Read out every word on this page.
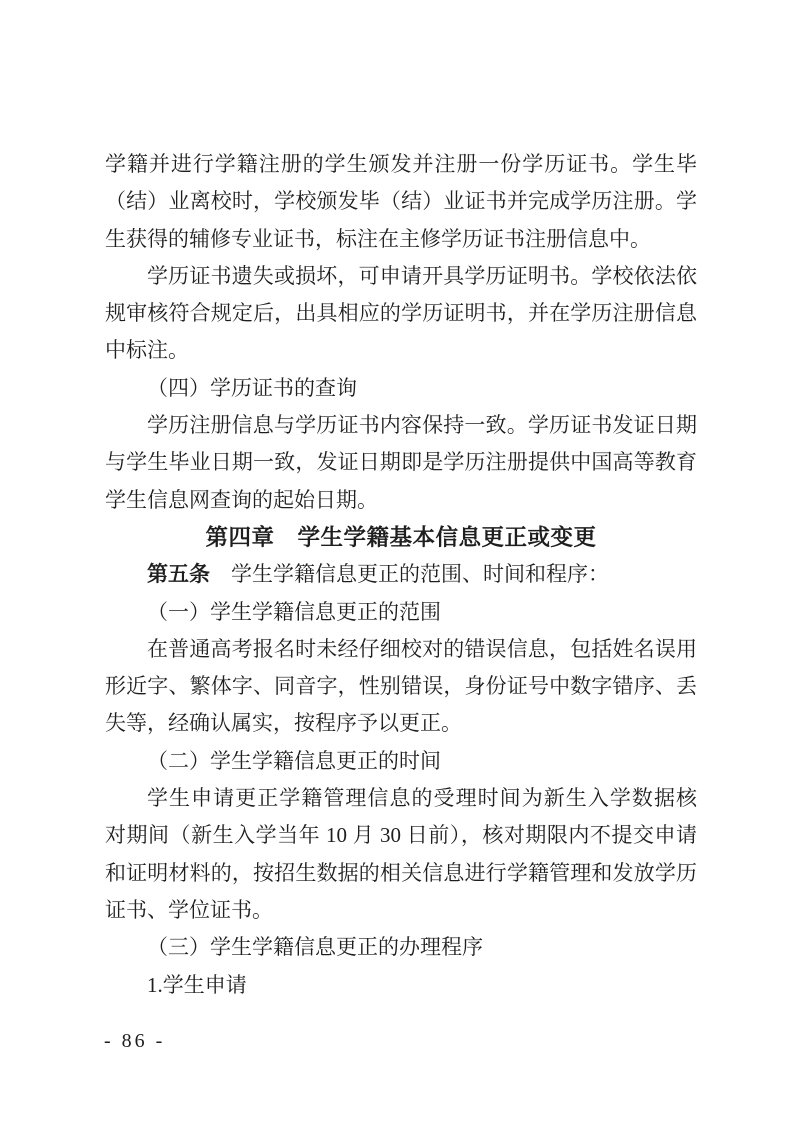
学籍并进行学籍注册的学生颁发并注册一份学历证书。学生毕
（结）业离校时，学校颁发毕（结）业证书并完成学历注册。学
生获得的辅修专业证书，标注在主修学历证书注册信息中。
学历证书遗失或损坏，可申请开具学历证明书。学校依法依
规审核符合规定后，出具相应的学历证明书，并在学历注册信息
中标注。
（四）学历证书的查询
学历注册信息与学历证书内容保持一致。学历证书发证日期
与学生毕业日期一致，发证日期即是学历注册提供中国高等教育
学生信息网查询的起始日期。
第四章　学生学籍基本信息更正或变更
第五条　学生学籍信息更正的范围、时间和程序：
（一）学生学籍信息更正的范围
在普通高考报名时未经仔细校对的错误信息，包括姓名误用
形近字、繁体字、同音字，性别错误，身份证号中数字错序、丢
失等，经确认属实，按程序予以更正。
（二）学生学籍信息更正的时间
学生申请更正学籍管理信息的受理时间为新生入学数据核
对期间（新生入学当年 10 月 30 日前），核对期限内不提交申请
和证明材料的，按招生数据的相关信息进行学籍管理和发放学历
证书、学位证书。
（三）学生学籍信息更正的办理程序
1.学生申请
- 86 -
